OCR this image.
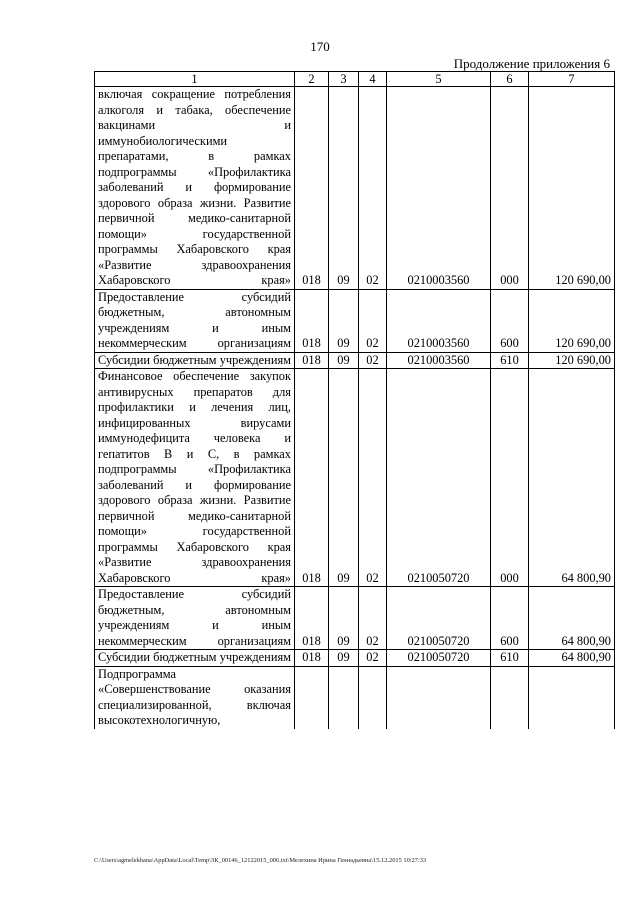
170
Продолжение приложения 6
1	2	3	4	5	6	7
включая сокращение потребления алкоголя и табака, обеспечение вакцинами и иммунобиологическими препаратами, в рамках подпрограммы «Профилактика заболеваний и формирование здорового образа жизни. Развитие первичной медико-санитарной помощи» государственной программы Хабаровского края «Развитие здравоохранения Хабаровского края»	018	09	02	0210003560	000	120 690,00
Предоставление субсидий бюджетным, автономным учреждениям и иным некоммерческим организациям	018	09	02	0210003560	600	120 690,00
Субсидии бюджетным учреждениям	018	09	02	0210003560	610	120 690,00
Финансовое обеспечение закупок антивирусных препаратов для профилактики и лечения лиц, инфицированных вирусами иммунодефицита человека и гепатитов В и С, в рамках подпрограммы «Профилактика заболеваний и формирование здорового образа жизни. Развитие первичной медико-санитарной помощи» государственной программы Хабаровского края «Развитие здравоохранения Хабаровского края»	018	09	02	0210050720	000	64 800,90
Предоставление субсидий бюджетным, автономным учреждениям и иным некоммерческим организациям	018	09	02	0210050720	600	64 800,90
Субсидии бюджетным учреждениям	018	09	02	0210050720	610	64 800,90
Подпрограмма «Совершенствование оказания специализированной, включая высокотехнологичную,						
C:\Users\agmelekhana\AppData\Local\Temp\ЗК_00146_12122015_006.txt\Мелехина Ирина Геннадьевна\15.12.2015 10:27:33
